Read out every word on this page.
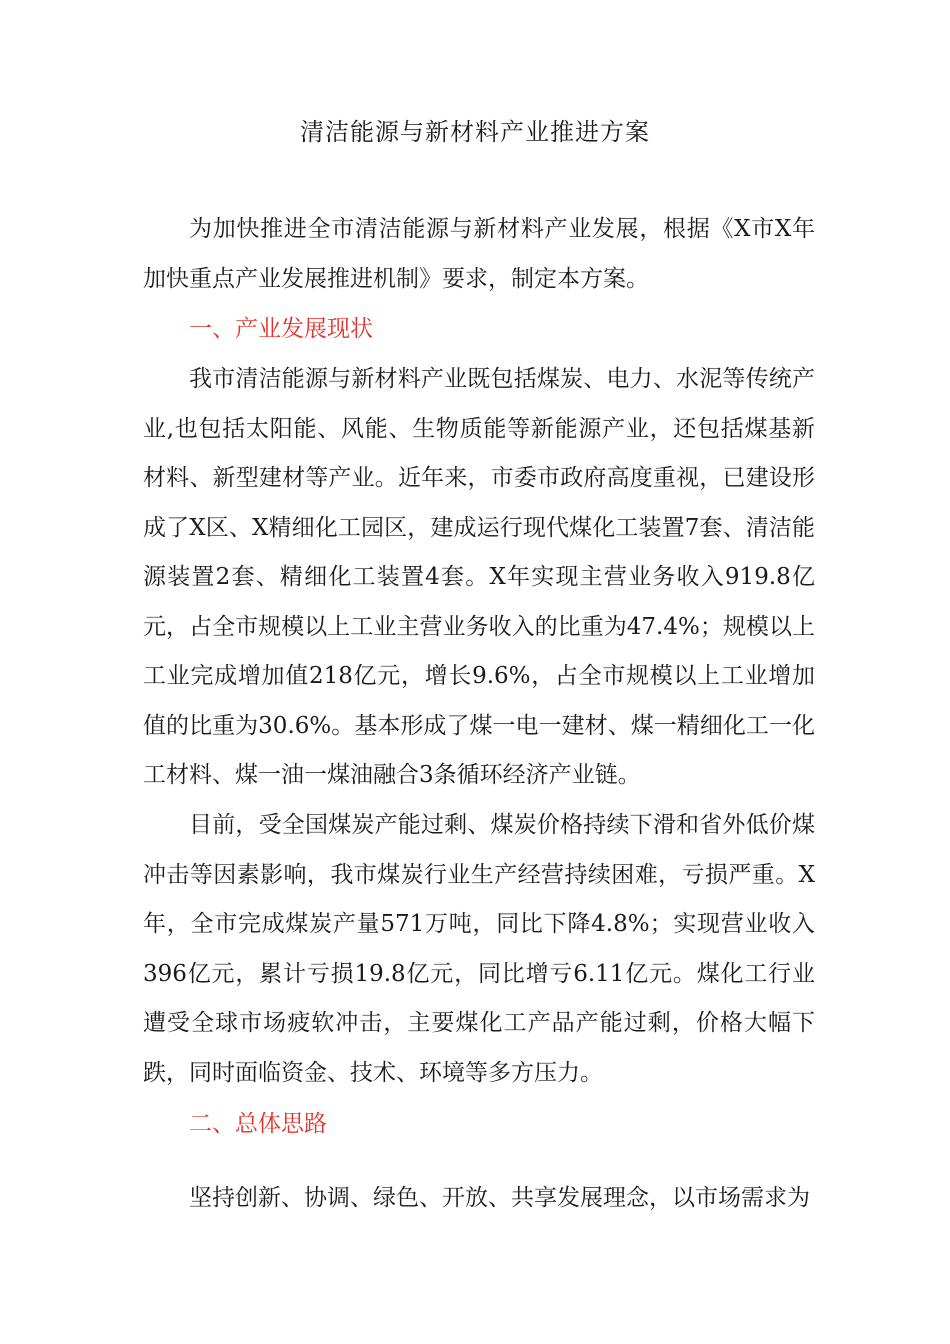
清洁能源与新材料产业推进方案

为加快推进全市清洁能源与新材料产业发展，根据《X市X年加快重点产业发展推进机制》要求，制定本方案。

一、产业发展现状

我市清洁能源与新材料产业既包括煤炭、电力、水泥等传统产业,也包括太阳能、风能、生物质能等新能源产业，还包括煤基新材料、新型建材等产业。近年来，市委市政府高度重视，已建设形成了X区、X精细化工园区，建成运行现代煤化工装置7套、清洁能源装置2套、精细化工装置4套。X年实现主营业务收入919.8亿元，占全市规模以上工业主营业务收入的比重为47.4%；规模以上工业完成增加值218亿元，增长9.6%，占全市规模以上工业增加值的比重为30.6%。基本形成了煤一电一建材、煤一精细化工一化工材料、煤一油一煤油融合3条循环经济产业链。

目前，受全国煤炭产能过剩、煤炭价格持续下滑和省外低价煤冲击等因素影响，我市煤炭行业生产经营持续困难，亏损严重。X年，全市完成煤炭产量571万吨，同比下降4.8%；实现营业收入396亿元，累计亏损19.8亿元，同比增亏6.11亿元。煤化工行业遭受全球市场疲软冲击，主要煤化工产品产能过剩，价格大幅下跌，同时面临资金、技术、环境等多方压力。

二、总体思路

坚持创新、协调、绿色、开放、共享发展理念，以市场需求为
